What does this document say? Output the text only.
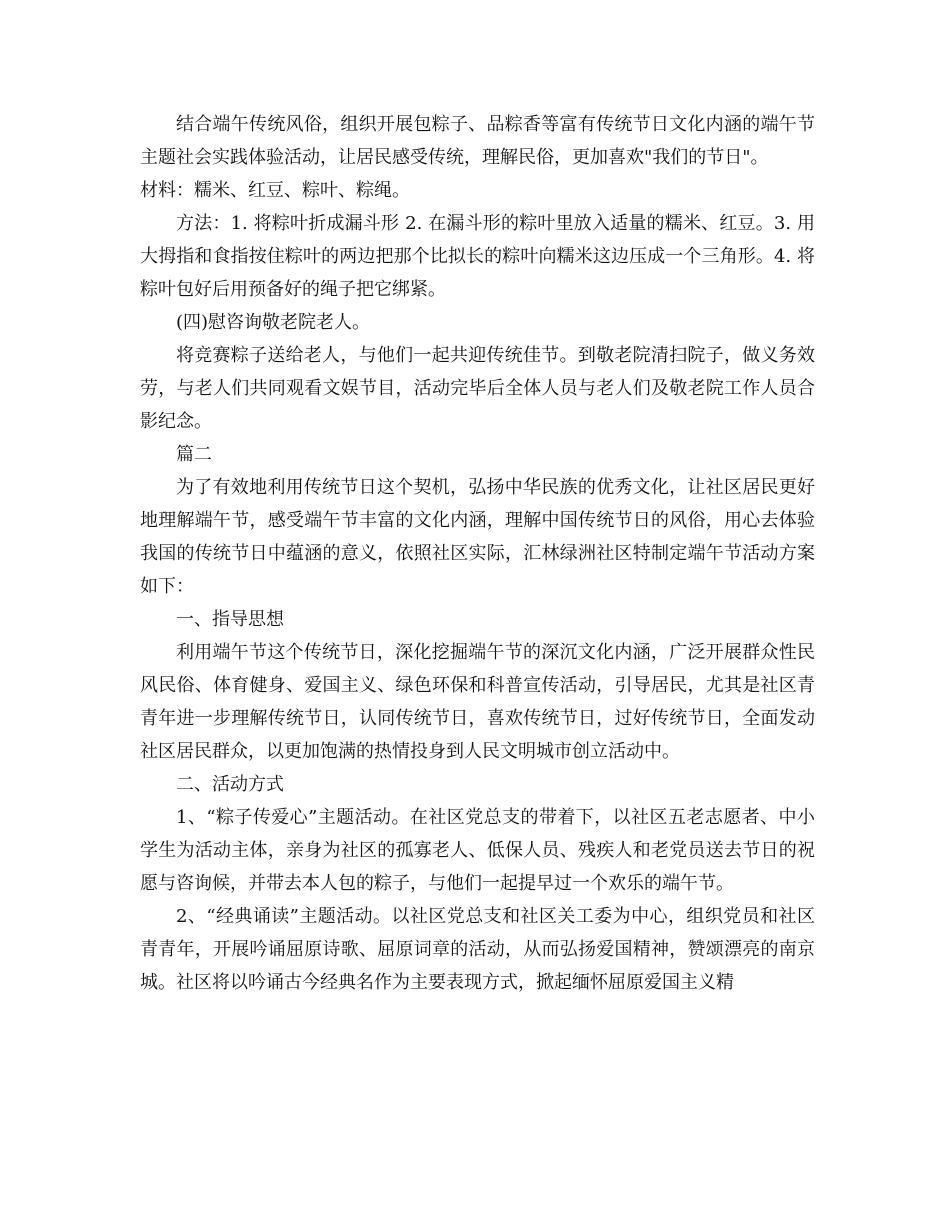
结合端午传统风俗，组织开展包粽子、品粽香等富有传统节日文化内涵的端午节主题社会实践体验活动，让居民感受传统，理解民俗，更加喜欢"我们的节日"。

材料：糯米、红豆、粽叶、粽绳。

方法：1. 将粽叶折成漏斗形 2. 在漏斗形的粽叶里放入适量的糯米、红豆。3. 用大拇指和食指按住粽叶的两边把那个比拟长的粽叶向糯米这边压成一个三角形。4. 将粽叶包好后用预备好的绳子把它绑紧。

(四)慰咨询敬老院老人。

将竞赛粽子送给老人，与他们一起共迎传统佳节。到敬老院清扫院子，做义务效劳，与老人们共同观看文娱节目，活动完毕后全体人员与老人们及敬老院工作人员合影纪念。

篇二

为了有效地利用传统节日这个契机，弘扬中华民族的优秀文化，让社区居民更好地理解端午节，感受端午节丰富的文化内涵，理解中国传统节日的风俗，用心去体验我国的传统节日中蕴涵的意义，依照社区实际，汇林绿洲社区特制定端午节活动方案如下：

一、指导思想

利用端午节这个传统节日，深化挖掘端午节的深沉文化内涵，广泛开展群众性民风民俗、体育健身、爱国主义、绿色环保和科普宣传活动，引导居民，尤其是社区青青年进一步理解传统节日，认同传统节日，喜欢传统节日，过好传统节日，全面发动社区居民群众，以更加饱满的热情投身到人民文明城市创立活动中。

二、活动方式

1、“粽子传爱心”主题活动。在社区党总支的带着下，以社区五老志愿者、中小学生为活动主体，亲身为社区的孤寡老人、低保人员、残疾人和老党员送去节日的祝愿与咨询候，并带去本人包的粽子，与他们一起提早过一个欢乐的端午节。

2、“经典诵读”主题活动。以社区党总支和社区关工委为中心，组织党员和社区青青年，开展吟诵屈原诗歌、屈原词章的活动，从而弘扬爱国精神，赞颂漂亮的南京城。社区将以吟诵古今经典名作为主要表现方式，掀起缅怀屈原爱国主义精
